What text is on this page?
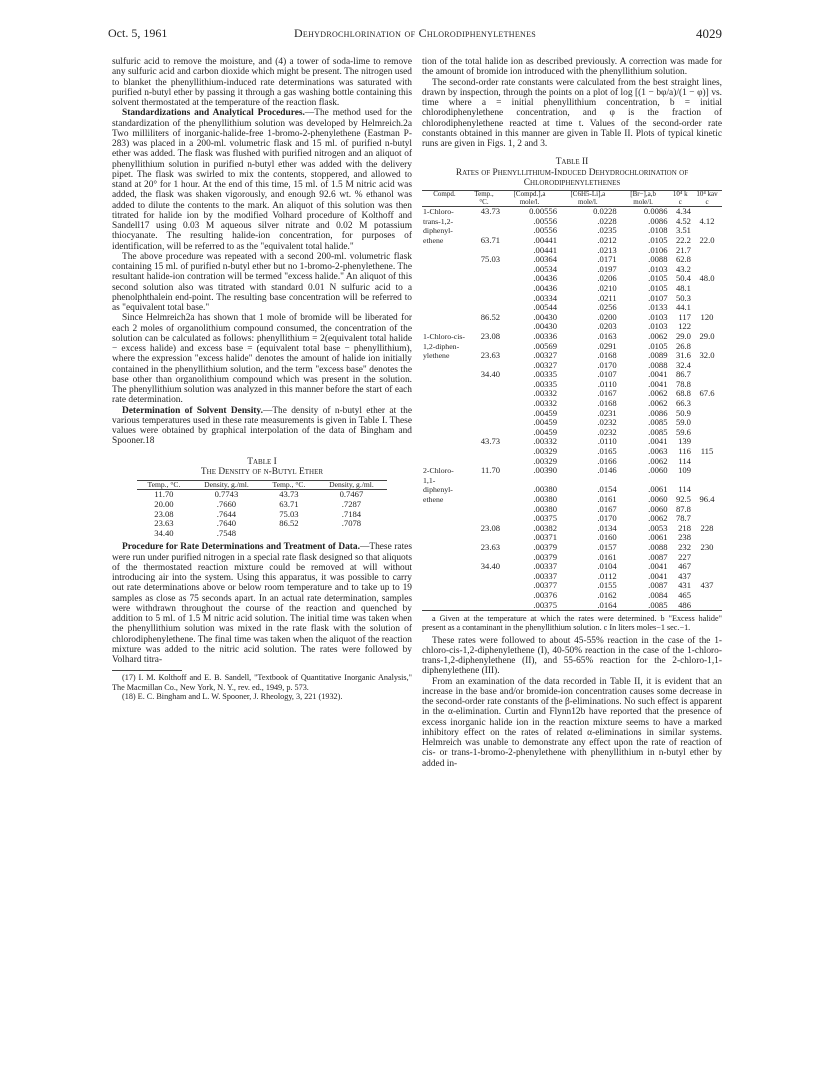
Oct. 5, 1961	Dehydrochlorination of Chlorodiphenylethenes	4029

sulfuric acid to remove the moisture, and (4) a tower of soda-lime to remove any sulfuric acid and carbon dioxide which might be present. The nitrogen used to blanket the phenyllithium-induced rate determinations was saturated with purified n-butyl ether by passing it through a gas washing bottle containing this solvent thermostated at the temperature of the reaction flask.

Standardizations and Analytical Procedures.—The method used for the standardization of the phenyllithium solution was developed by Helmreich.2a Two milliliters of inorganic-halide-free 1-bromo-2-phenylethene (Eastman P-283) was placed in a 200-ml. volumetric flask and 15 ml. of purified n-butyl ether was added. The flask was flushed with purified nitrogen and an aliquot of phenyllithium solution in purified n-butyl ether was added with the delivery pipet. The flask was swirled to mix the contents, stoppered, and allowed to stand at 20° for 1 hour. At the end of this time, 15 ml. of 1.5 M nitric acid was added, the flask was shaken vigorously, and enough 92.6 wt. % ethanol was added to dilute the contents to the mark. An aliquot of this solution was then titrated for halide ion by the modified Volhard procedure of Kolthoff and Sandell17 using 0.03 M aqueous silver nitrate and 0.02 M potassium thiocyanate. The resulting halide-ion concentration, for purposes of identification, will be referred to as the "equivalent total halide."

The above procedure was repeated with a second 200-ml. volumetric flask containing 15 ml. of purified n-butyl ether but no 1-bromo-2-phenylethene. The resultant halide-ion contration will be termed "excess halide." An aliquot of this second solution also was titrated with standard 0.01 N sulfuric acid to a phenolphthalein end-point. The resulting base concentration will be referred to as "equivalent total base."

Since Helmreich2a has shown that 1 mole of bromide will be liberated for each 2 moles of organolithium compound consumed, the concentration of the solution can be calculated as follows: phenyllithium = 2(equivalent total halide − excess halide) and excess base = (equivalent total base − phenyllithium), where the expression "excess halide" denotes the amount of halide ion initially contained in the phenyllithium solution, and the term "excess base" denotes the base other than organolithium compound which was present in the solution. The phenyllithium solution was analyzed in this manner before the start of each rate determination.

Determination of Solvent Density.—The density of n-butyl ether at the various temperatures used in these rate measurements is given in Table I. These values were obtained by graphical interpolation of the data of Bingham and Spooner.18

Table I

The Density of n-Butyl Ether

Temp., °C.	Density, g./ml.	Temp., °C.	Density, g./ml.
11.70	0.7743	43.73	0.7467
20.00	.7660	63.71	.7287
23.08	.7644	75.03	.7184
23.63	.7640	86.52	.7078
34.40	.7548		

Procedure for Rate Determinations and Treatment of Data.—These rates were run under purified nitrogen in a special rate flask designed so that aliquots of the thermostated reaction mixture could be removed at will without introducing air into the system. Using this apparatus, it was possible to carry out rate determinations above or below room temperature and to take up to 19 samples as close as 75 seconds apart. In an actual rate determination, samples were withdrawn throughout the course of the reaction and quenched by addition to 5 ml. of 1.5 M nitric acid solution. The initial time was taken when the phenyllithium solution was mixed in the rate flask with the solution of chlorodiphenylethene. The final time was taken when the aliquot of the reaction mixture was added to the nitric acid solution. The rates were followed by Volhard titra-

(17) I. M. Kolthoff and E. B. Sandell, "Textbook of Quantitative Inorganic Analysis," The Macmillan Co., New York, N. Y., rev. ed., 1949, p. 573.

(18) E. C. Bingham and L. W. Spooner, J. Rheology, 3, 221 (1932).

tion of the total halide ion as described previously. A correction was made for the amount of bromide ion introduced with the phenyllithium solution.

The second-order rate constants were calculated from the best straight lines, drawn by inspection, through the points on a plot of log [(1 − bφ/a)/(1 − φ)] vs. time where a = initial phenyllithium concentration, b = initial chlorodiphenylethene concentration, and φ is the fraction of chlorodiphenylethene reacted at time t. Values of the second-order rate constants obtained in this manner are given in Table II. Plots of typical kinetic runs are given in Figs. 1, 2 and 3.

Table II

Rates of Phenyllithium-Induced Dehydrochlorination of Chlorodiphenylethenes

Compd.	Temp., °C.	[Compd.],a mole/l.	[C6H5-Li],a mole/l.	[Br−],a,b mole/l.	10⁴ k c	10⁴ kav c
1-Chloro-	43.73	0.00556	0.0228	0.0086	4.34	
trans-1,2-		.00556	.0228	.0086	4.52	4.12
diphenyl-		.00556	.0235	.0108	3.51	
ethene	63.71	.00441	.0212	.0105	22.2	22.0
		.00441	.0213	.0106	21.7	
	75.03	.00364	.0171	.0088	62.8	
		.00534	.0197	.0103	43.2	
		.00436	.0206	.0105	50.4	48.0
		.00436	.0210	.0105	48.1	
		.00334	.0211	.0107	50.3	
		.00544	.0256	.0133	44.1	
	86.52	.00430	.0200	.0103	117	120
		.00430	.0203	.0103	122	
1-Chloro-cis-	23.08	.00336	.0163	.0062	29.0	29.0
1,2-diphen-		.00569	.0291	.0105	26.8	
ylethene	23.63	.00327	.0168	.0089	31.6	32.0
		.00327	.0170	.0088	32.4	
	34.40	.00335	.0107	.0041	86.7	
		.00335	.0110	.0041	78.8	
		.00332	.0167	.0062	68.8	67.6
		.00332	.0168	.0062	66.3	
		.00459	.0231	.0086	50.9	
		.00459	.0232	.0085	59.0	
		.00459	.0232	.0085	59.6	
	43.73	.00332	.0110	.0041	139	
		.00329	.0165	.0063	116	115
		.00329	.0166	.0062	114	
2-Chloro-1,1-	11.70	.00390	.0146	.0060	109	
diphenyl-		.00380	.0154	.0061	114	
ethene		.00380	.0161	.0060	92.5	96.4
		.00380	.0167	.0060	87.8	
		.00375	.0170	.0062	78.7	
	23.08	.00382	.0134	.0053	218	228
		.00371	.0160	.0061	238	
	23.63	.00379	.0157	.0088	232	230
		.00379	.0161	.0087	227	
	34.40	.00337	.0104	.0041	467	
		.00337	.0112	.0041	437	
		.00377	.0155	.0087	431	437
		.00376	.0162	.0084	465	
		.00375	.0164	.0085	486	

a Given at the temperature at which the rates were determined. b "Excess halide" present as a contaminant in the phenyllithium solution. c In liters moles−1 sec.−1.

These rates were followed to about 45-55% reaction in the case of the 1-chloro-cis-1,2-diphenylethene (I), 40-50% reaction in the case of the 1-chloro-trans-1,2-diphenylethene (II), and 55-65% reaction for the 2-chloro-1,1-diphenylethene (III).

From an examination of the data recorded in Table II, it is evident that an increase in the base and/or bromide-ion concentration causes some decrease in the second-order rate constants of the β-eliminations. No such effect is apparent in the α-elimination. Curtin and Flynn12b have reported that the presence of excess inorganic halide ion in the reaction mixture seems to have a marked inhibitory effect on the rates of related α-eliminations in similar systems. Helmreich was unable to demonstrate any effect upon the rate of reaction of cis- or trans-1-bromo-2-phenylethene with phenyllithium in n-butyl ether by added in-
